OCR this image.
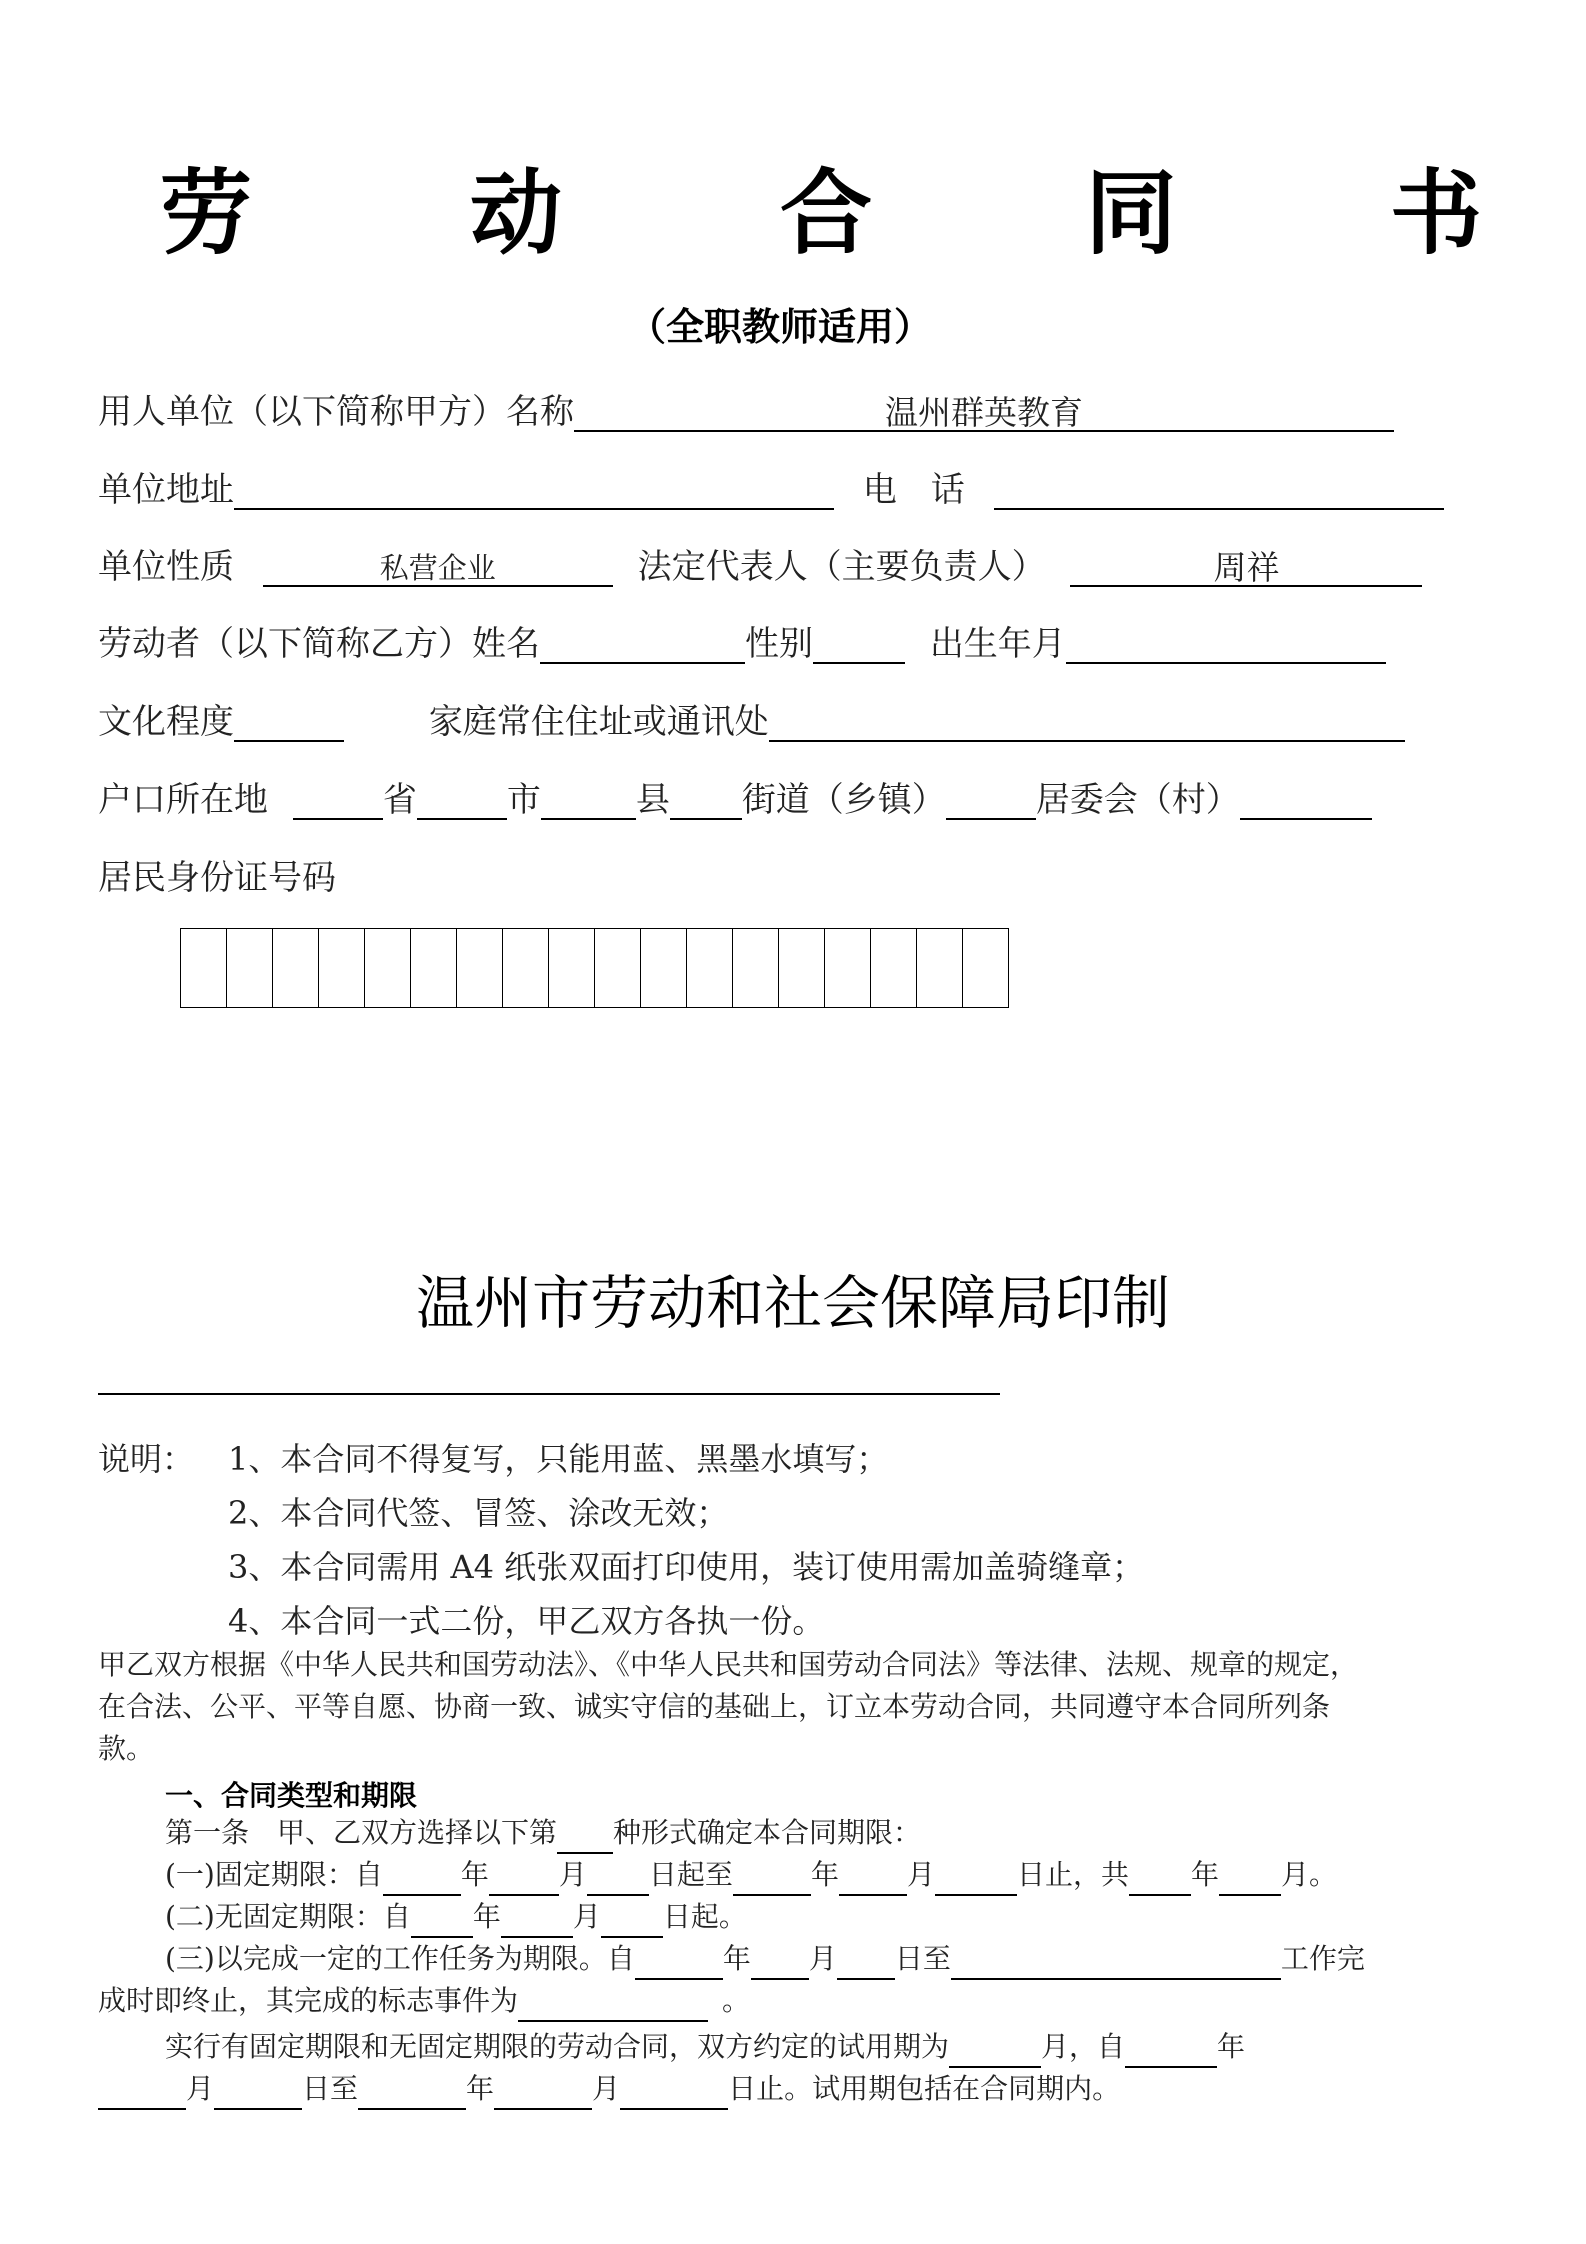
劳 动 合 同 书
（全职教师适用）
用人单位（以下简称甲方）名称	温州群英教育
单位地址	电　话
单位性质	私营企业	法定代表人（主要负责人）	周祥
劳动者（以下简称乙方）姓名	性别	出生年月
文化程度	家庭常住住址或通讯处
户口所在地	省	市	县 街道（乡镇）	居委会（村）
居民身份证号码
温州市劳动和社会保障局印制
说明： 1、本合同不得复写，只能用蓝、黑墨水填写；
2、本合同代签、冒签、涂改无效；
3、本合同需用 A4 纸张双面打印使用，装订使用需加盖骑缝章；
4、本合同一式二份，甲乙双方各执一份。
甲乙双方根据《中华人民共和国劳动法》、《中华人民共和国劳动合同法》等法律、法规、规章的规定，
在合法、公平、平等自愿、协商一致、诚实守信的基础上，订立本劳动合同，共同遵守本合同所列条
款。
一、合同类型和期限
第一条　甲、乙双方选择以下第 种形式确定本合同期限：
(一)固定期限：自	年	月 日起至	年 月	日止，共 年 月。
(二)无固定期限：自 年	月 日起。
(三)以完成一定的工作任务为期限。自	年 月 日至	工作完
成时即终止，其完成的标志事件为	。
实行有固定期限和无固定期限的劳动合同，双方约定的试用期为	月，自	年
月	日至	年	月	日止。试用期包括在合同期内。
